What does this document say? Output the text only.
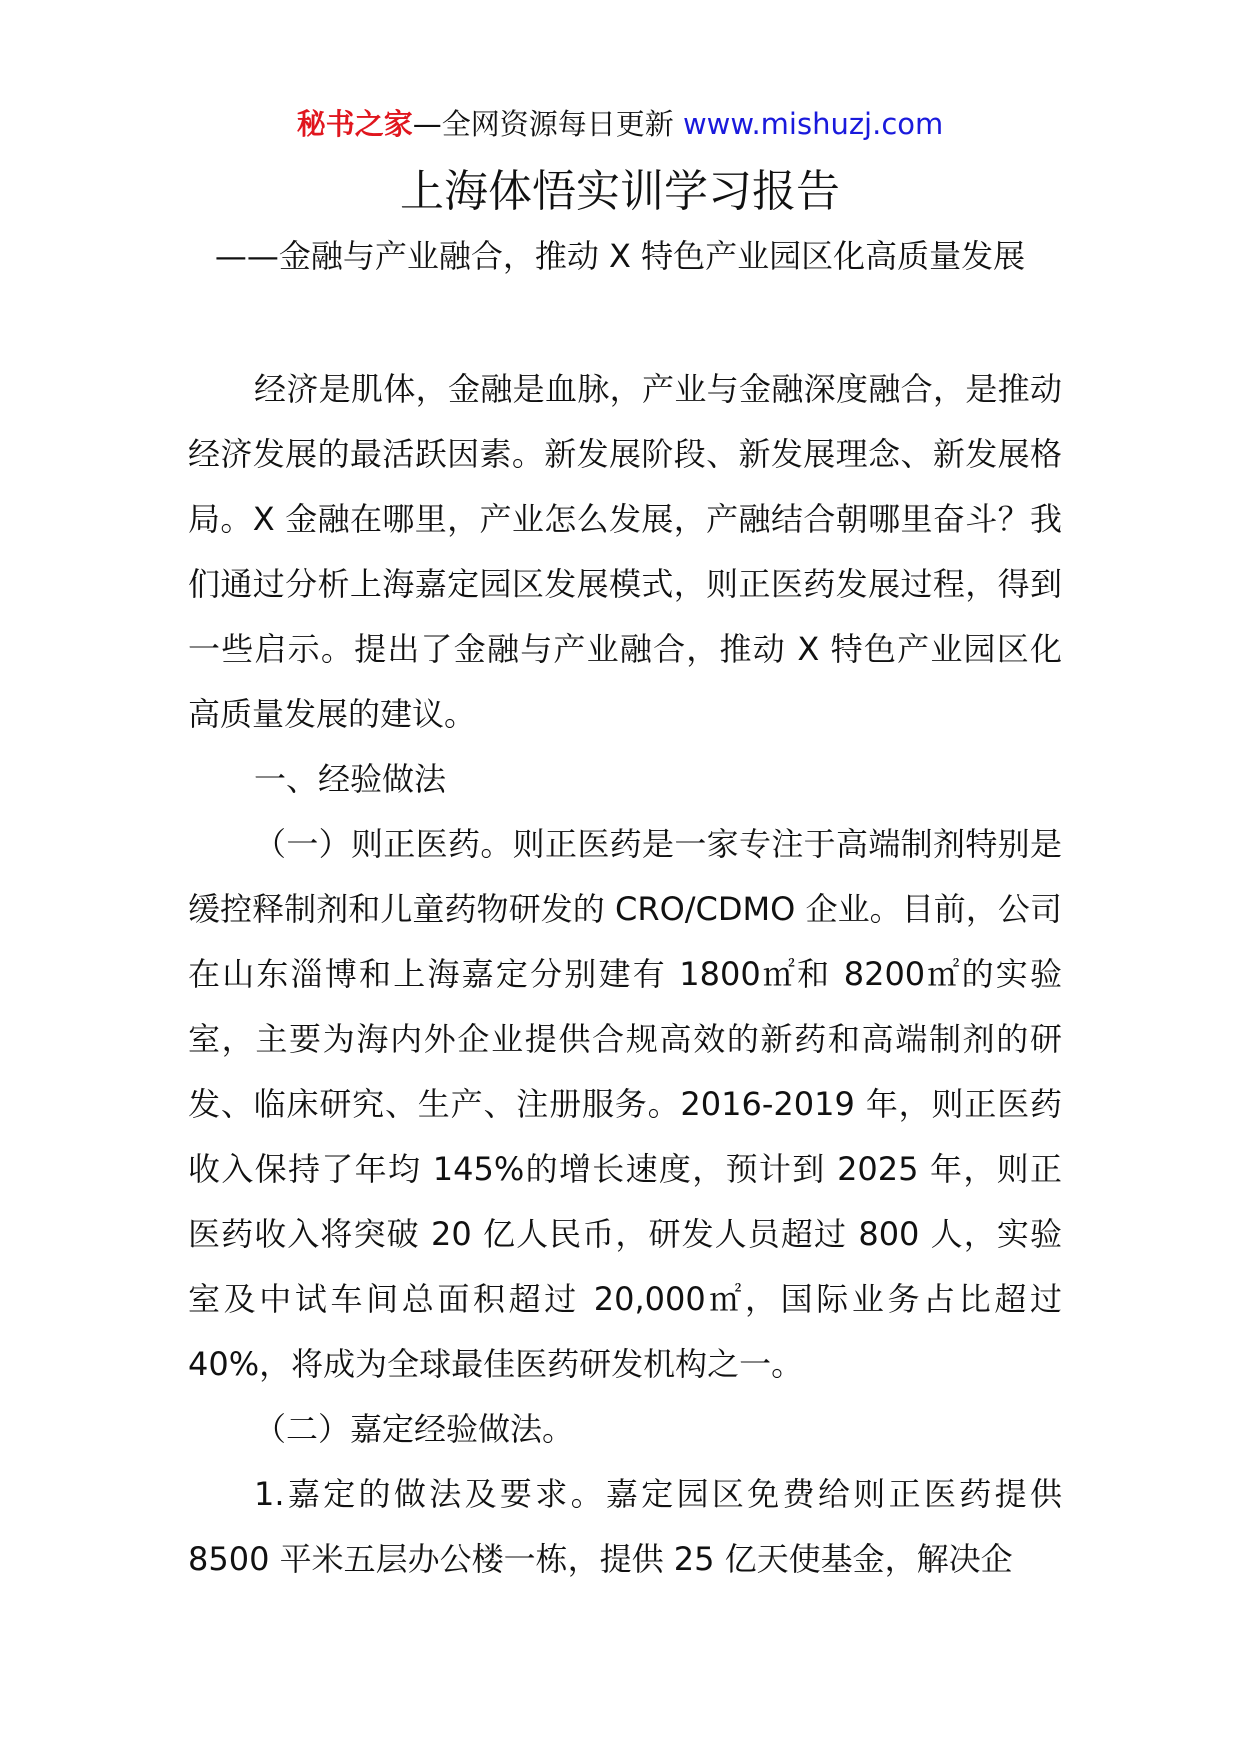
秘书之家—全网资源每日更新 www.mishuzj.com
上海体悟实训学习报告
——金融与产业融合，推动 X 特色产业园区化高质量发展

经济是肌体，金融是血脉，产业与金融深度融合，是推动经济发展的最活跃因素。新发展阶段、新发展理念、新发展格局。X 金融在哪里，产业怎么发展，产融结合朝哪里奋斗？我们通过分析上海嘉定园区发展模式，则正医药发展过程，得到一些启示。提出了金融与产业融合，推动 X 特色产业园区化高质量发展的建议。

一、经验做法

（一）则正医药。则正医药是一家专注于高端制剂特别是缓控释制剂和儿童药物研发的 CRO/CDMO 企业。目前，公司在山东淄博和上海嘉定分别建有 1800㎡和 8200㎡的实验室，主要为海内外企业提供合规高效的新药和高端制剂的研发、临床研究、生产、注册服务。2016-2019 年，则正医药收入保持了年均 145%的增长速度，预计到 2025 年，则正医药收入将突破 20 亿人民币，研发人员超过 800 人，实验室及中试车间总面积超过 20,000㎡，国际业务占比超过 40%，将成为全球最佳医药研发机构之一。

（二）嘉定经验做法。

1.嘉定的做法及要求。嘉定园区免费给则正医药提供 8500 平米五层办公楼一栋，提供 25 亿天使基金，解决企
